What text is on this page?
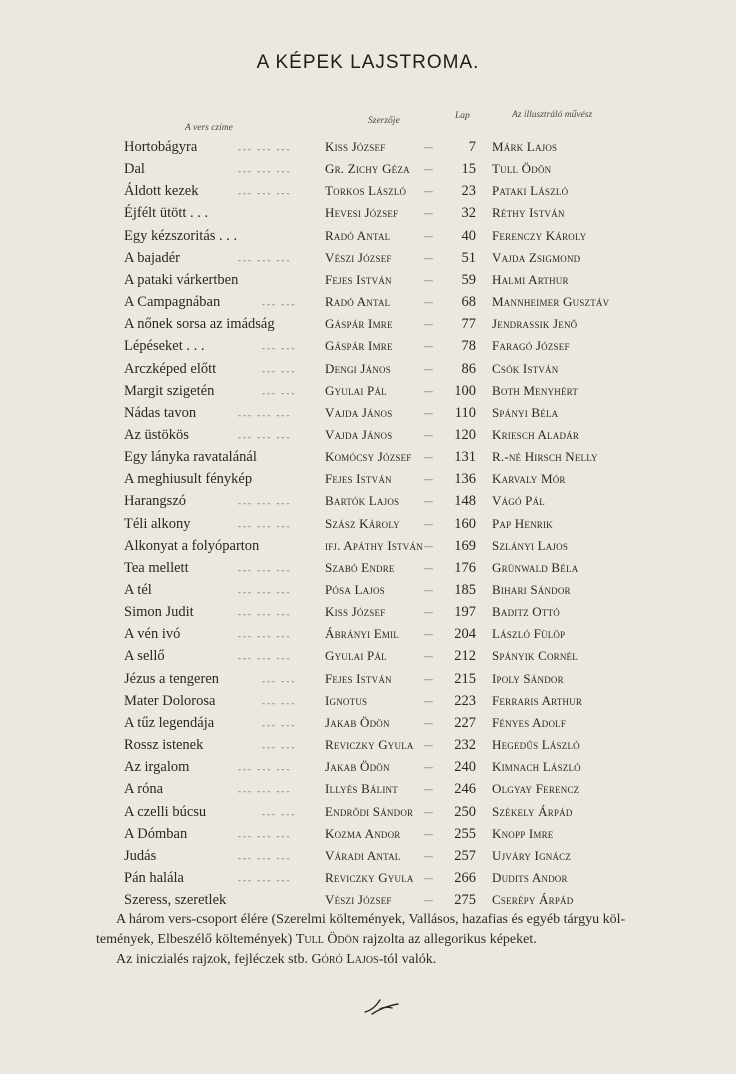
A KÉPEK LAJSTROMA.
A vers czíme
Szerzője	Lap	Az illusztráló művész
Hortobágyra	Kiss József	--- 7 Márk Lajos
--- --- ---
Dal	Gr. Zichy Géza	--- 15 Tull Ödön
--- --- ---
Áldott kezek	Torkos László	--- 23 Pataki László
--- --- ---
Éjfélt ütött . . .	Hevesi József	--- 32 Réthy István
Egy kézszoritás . . .	Radó Antal	--- 40 Ferenczy Károly
A bajadér	Vészi József	--- 51 Vajda Zsigmond
--- --- ---
A pataki várkertben	Fejes István	--- 59 Halmi Arthur
A Campagnában	Radó Antal	--- 68 Mannheimer Gusztáv
--- ---
A nőnek sorsa az imádság	Gáspár Imre	--- 77 Jendrassik Jenő
Lépéseket . . .	Gáspár Imre	--- 78 Faragó József
--- ---
Arczképed előtt	Dengi János	--- 86 Csók István
--- ---
Margit szigetén	Gyulai Pál	--- 100 Both Menyhért
--- ---
Nádas tavon	Vajda János	--- 110 Spányi Béla
--- --- ---
Az üstökös	Vajda János	--- 120 Kriesch Aladár
--- --- ---
Egy lányka ravatalánál	Komócsy József	--- 131 R.-né Hirsch Nelly
A meghiusult fénykép	Fejes István	--- 136 Karvaly Mór
Harangszó	Bartók Lajos	--- 148 Vágó Pál
--- --- ---
Téli alkony	Szász Károly	--- 160 Pap Henrik
--- --- ---
Alkonyat a folyóparton	ifj. Apáthy István	--- 169 Szlányi Lajos
Tea mellett	Szabó Endre	--- 176 Grünwald Béla
--- --- ---
A tél	Pósa Lajos	--- 185 Bihari Sándor
--- --- ---
Simon Judit	Kiss József	--- 197 Baditz Ottó
--- --- ---
A vén ivó	Ábrányi Emil	--- 204 László Fülöp
--- --- ---
A sellő	Gyulai Pál	--- 212 Spányik Cornél
--- --- ---
Jézus a tengeren	Fejes István	--- 215 Ipoly Sándor
--- ---
Mater Dolorosa	Ignotus	--- 223 Ferraris Arthur
--- ---
A tűz legendája	Jakab Ödön	--- 227 Fényes Adolf
--- ---
Rossz istenek	Reviczky Gyula	--- 232 Hegedűs László
--- ---
Az irgalom	Jakab Ödön	--- 240 Kimnach László
--- --- ---
A róna	Illyés Bálint	--- 246 Olgyay Ferencz
--- --- ---
A czelli búcsu	Endrődi Sándor	--- 250 Székely Árpád
--- ---
A Dómban	Kozma Andor	--- 255 Knopp Imre
--- --- ---
Judás	Váradi Antal	--- 257 Ujváry Ignácz
--- --- ---
Pán halála	Reviczky Gyula	--- 266 Dudits Andor
--- --- ---
Szeress, szeretlek	Vészi József	--- 275 Cserépy Árpád

A három vers-csoport élére (Szerelmi költemények, Vallásos, hazafias és egyéb tárgyu köl-

temények, Elbeszélő költemények) Tull Ödön rajzolta az allegorikus képeket.

Az iniczialés rajzok, fejléczek stb. Góró Lajos-tól valók.
